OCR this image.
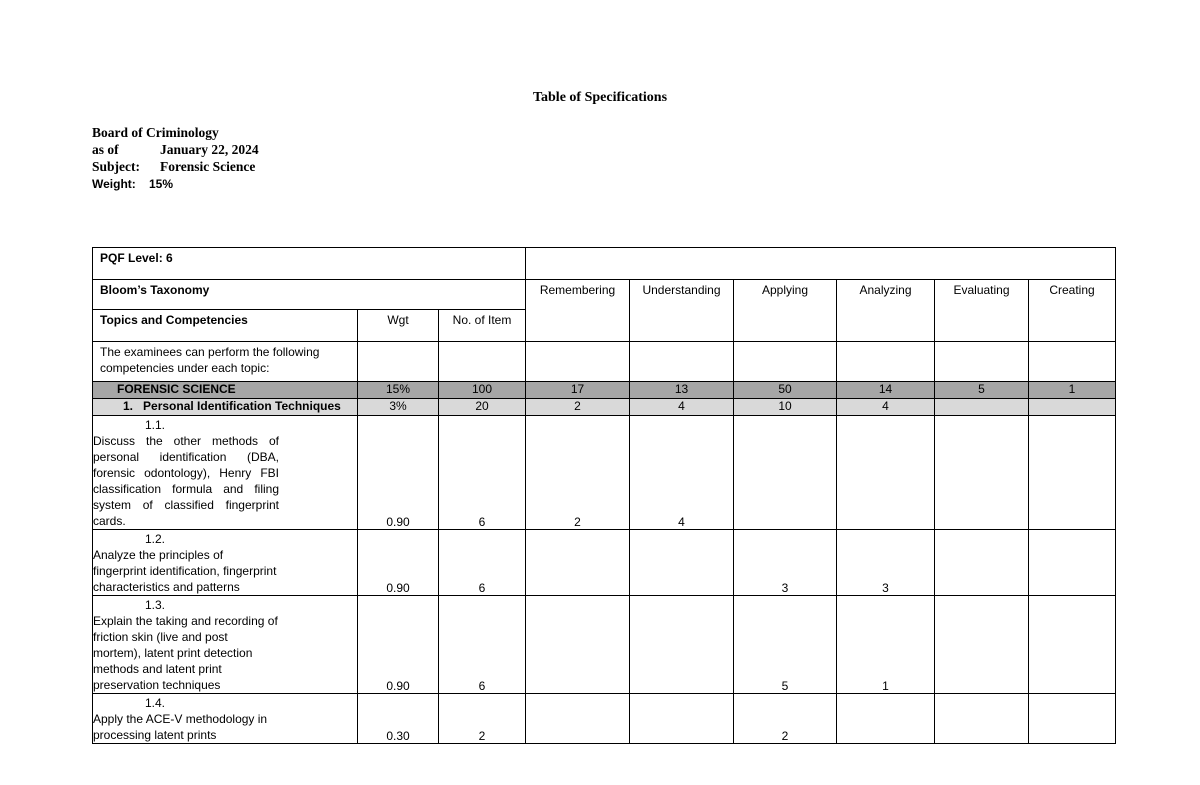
Table of Specifications
Board of Criminology
as of	January 22, 2024
Subject: Forensic Science
Weight: 15%
PQF Level: 6								
Bloom’s Taxonomy			Remembering	Understanding	Applying	Analyzing	Evaluating	Creating
Topics and Competencies	Wgt	No. of Item						
The examinees can perform the following competencies under each topic:								
FORENSIC SCIENCE	15%	100	17	13	50	14	5	1
1.   Personal Identification Techniques	3%	20	2	4	10	4		
1.1.Discuss the other methods of personal identification (DBA, forensic odontology), Henry FBI classification formula and filing system of classified fingerprint cards.	0.90	6	2	4				
1.2.Analyze the principles of fingerprint identification, fingerprint characteristics and patterns	0.90	6			3	3		
1.3.Explain the taking and recording of friction skin (live and post mortem), latent print detection methods and latent print preservation techniques	0.90	6			5	1		
1.4.Apply the ACE-V methodology in processing latent prints	0.30	2			2			
